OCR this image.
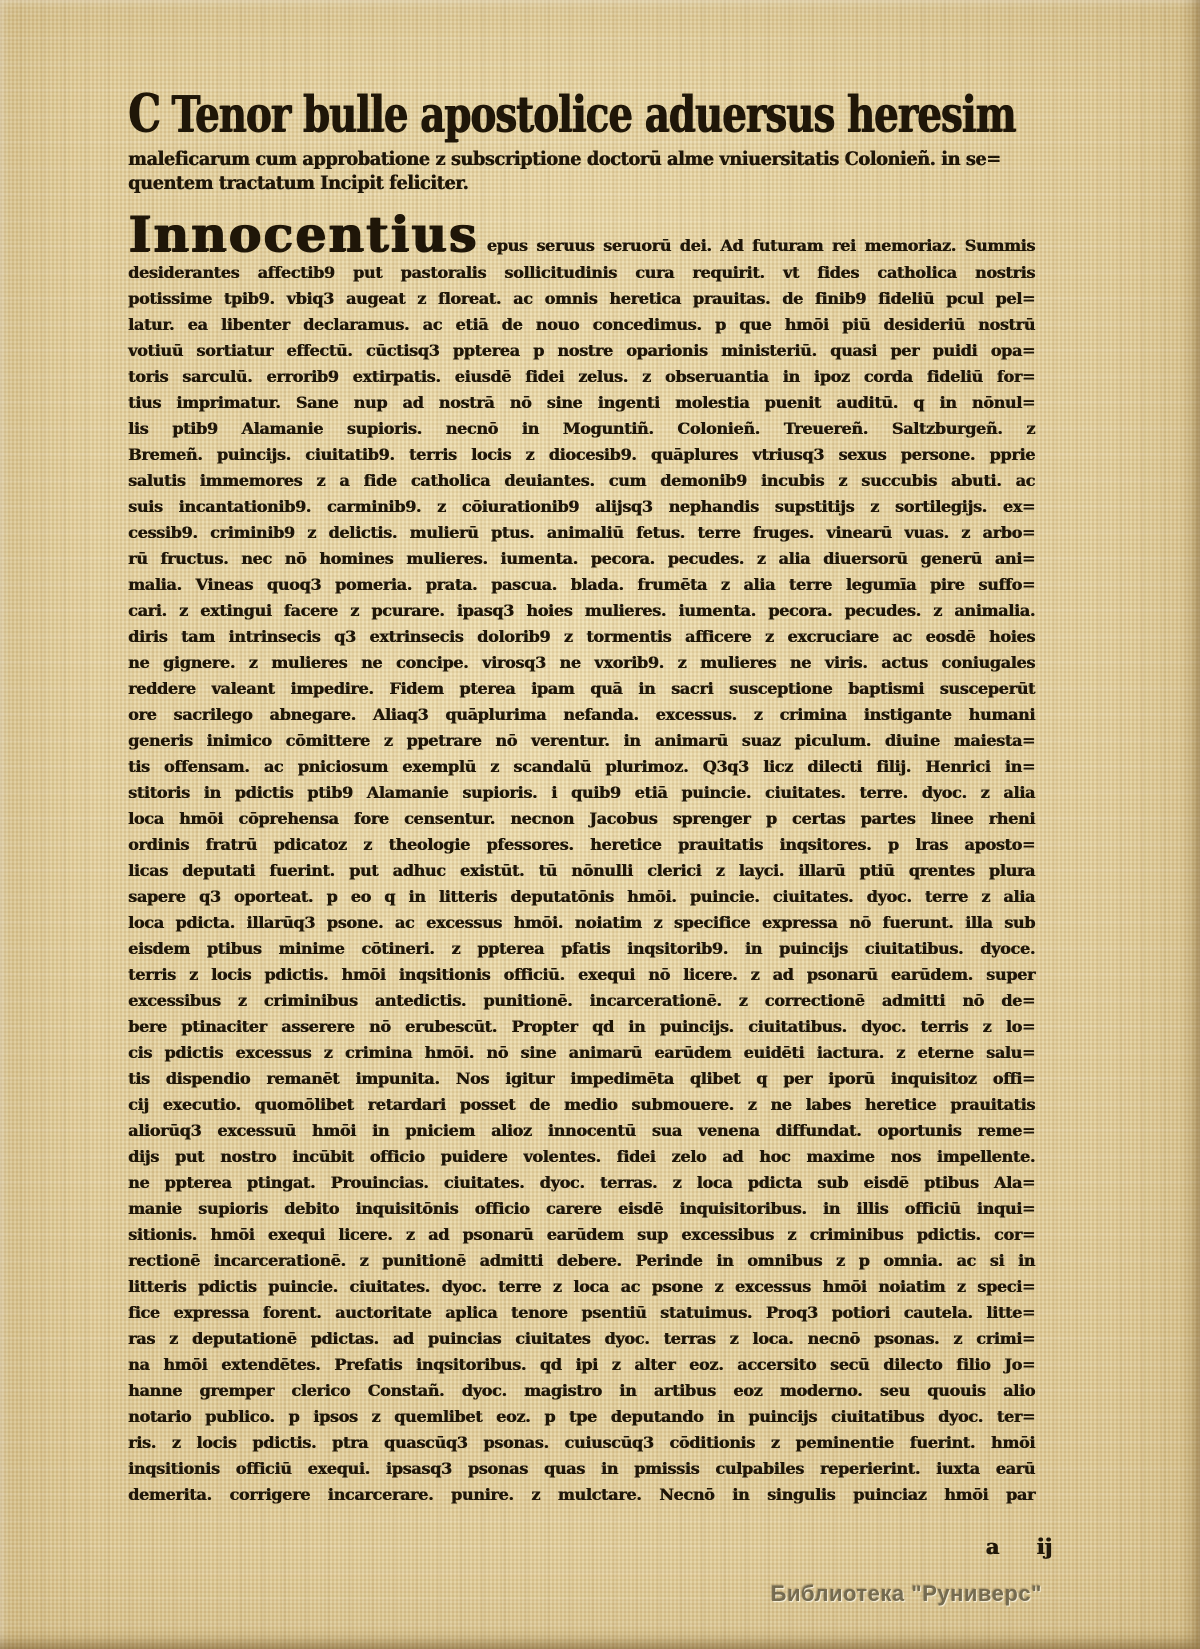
Ϲ Tenor bulle apostolice aduersus heresim
maleficarum cum approbatione z subscriptione doctorū alme vniuersitatis Colonieñ. in se=
quentem tractatum Incipit feliciter.
Innocentius epus seruus seruorū dei. Ad futuram rei memoriaz. Summis
desiderantes affectib9 put pastoralis sollicitudinis cura requirit. vt fides catholica nostris
potissime tpib9. vbiq3 augeat z floreat. ac omnis heretica prauitas. de finib9 fideliū pcul pel=
latur. ea libenter declaramus. ac etiā de nouo concedimus. p que hmōi piū desideriū nostrū
votiuū sortiatur effectū. cūctisq3 ppterea p nostre oparionis ministeriū. quasi per puidi opa=
toris sarculū. errorib9 extirpatis. eiusdē fidei zelus. z obseruantia in ipoz corda fideliū for=
tius imprimatur. Sane nup ad nostrā nō sine ingenti molestia puenit auditū. q in nōnul=
lis ptib9 Alamanie supioris. necnō in Moguntiñ. Colonieñ. Treuereñ. Saltzburgeñ. z
Bremeñ. puincijs. ciuitatib9. terris locis z diocesib9. quāplures vtriusq3 sexus persone. pprie
salutis immemores z a fide catholica deuiantes. cum demonib9 incubis z succubis abuti. ac
suis incantationib9. carminib9. z cōiurationib9 alijsq3 nephandis supstitijs z sortilegijs. ex=
cessib9. criminib9 z delictis. mulierū ptus. animaliū fetus. terre fruges. vinearū vuas. z arbo=
rū fructus. nec nō homines mulieres. iumenta. pecora. pecudes. z alia diuersorū generū ani=
malia. Vineas quoq3 pomeria. prata. pascua. blada. frumēta z alia terre legumīa pire suffo=
cari. z extingui facere z pcurare. ipasq3 hoies mulieres. iumenta. pecora. pecudes. z animalia.
diris tam intrinsecis q3 extrinsecis dolorib9 z tormentis afficere z excruciare ac eosdē hoies
ne gignere. z mulieres ne concipe. virosq3 ne vxorib9. z mulieres ne viris. actus coniugales
reddere valeant impedire. Fidem pterea ipam quā in sacri susceptione baptismi susceperūt
ore sacrilego abnegare. Aliaq3 quāplurima nefanda. excessus. z crimina instigante humani
generis inimico cōmittere z ppetrare nō verentur. in animarū suaz piculum. diuine maiesta=
tis offensam. ac pniciosum exemplū z scandalū plurimoz. Q3q3 licz dilecti filij. Henrici in=
stitoris in pdictis ptib9 Alamanie supioris. i quib9 etiā puincie. ciuitates. terre. dyoc. z alia
loca hmōi cōprehensa fore censentur. necnon Jacobus sprenger p certas partes linee rheni
ordinis fratrū pdicatoz z theologie pfessores. heretice prauitatis inqsitores. p lras aposto=
licas deputati fuerint. put adhuc existūt. tū nōnulli clerici z layci. illarū ptiū qrentes plura
sapere q3 oporteat. p eo q in litteris deputatōnis hmōi. puincie. ciuitates. dyoc. terre z alia
loca pdicta. illarūq3 psone. ac excessus hmōi. noiatim z specifice expressa nō fuerunt. illa sub
eisdem ptibus minime cōtineri. z ppterea pfatis inqsitorib9. in puincijs ciuitatibus. dyoce.
terris z locis pdictis. hmōi inqsitionis officiū. exequi nō licere. z ad psonarū earūdem. super
excessibus z criminibus antedictis. punitionē. incarcerationē. z correctionē admitti nō de=
bere ptinaciter asserere nō erubescūt. Propter qd in puincijs. ciuitatibus. dyoc. terris z lo=
cis pdictis excessus z crimina hmōi. nō sine animarū earūdem euidēti iactura. z eterne salu=
tis dispendio remanēt impunita. Nos igitur impedimēta qlibet q per iporū inquisitoz offi=
cij executio. quomōlibet retardari posset de medio submouere. z ne labes heretice prauitatis
aliorūq3 excessuū hmōi in pniciem alioz innocentū sua venena diffundat. oportunis reme=
dijs put nostro incūbit officio puidere volentes. fidei zelo ad hoc maxime nos impellente.
ne ppterea ptingat. Prouincias. ciuitates. dyoc. terras. z loca pdicta sub eisdē ptibus Ala=
manie supioris debito inquisitōnis officio carere eisdē inquisitoribus. in illis officiū inqui=
sitionis. hmōi exequi licere. z ad psonarū earūdem sup excessibus z criminibus pdictis. cor=
rectionē incarcerationē. z punitionē admitti debere. Perinde in omnibus z p omnia. ac si in
litteris pdictis puincie. ciuitates. dyoc. terre z loca ac psone z excessus hmōi noiatim z speci=
fice expressa forent. auctoritate aplica tenore psentiū statuimus. Proq3 potiori cautela. litte=
ras z deputationē pdictas. ad puincias ciuitates dyoc. terras z loca. necnō psonas. z crimi=
na hmōi extendētes. Prefatis inqsitoribus. qd ipi z alter eoz. accersito secū dilecto filio Jo=
hanne gremper clerico Constañ. dyoc. magistro in artibus eoz moderno. seu quouis alio
notario publico. p ipsos z quemlibet eoz. p tpe deputando in puincijs ciuitatibus dyoc. ter=
ris. z locis pdictis. ptra quascūq3 psonas. cuiuscūq3 cōditionis z peminentie fuerint. hmōi
inqsitionis officiū exequi. ipsasq3 psonas quas in pmissis culpabiles reperierint. iuxta earū
demerita. corrigere incarcerare. punire. z mulctare. Necnō in singulis puinciaz hmōi par
a ij
Библиотека "Руниверс"
